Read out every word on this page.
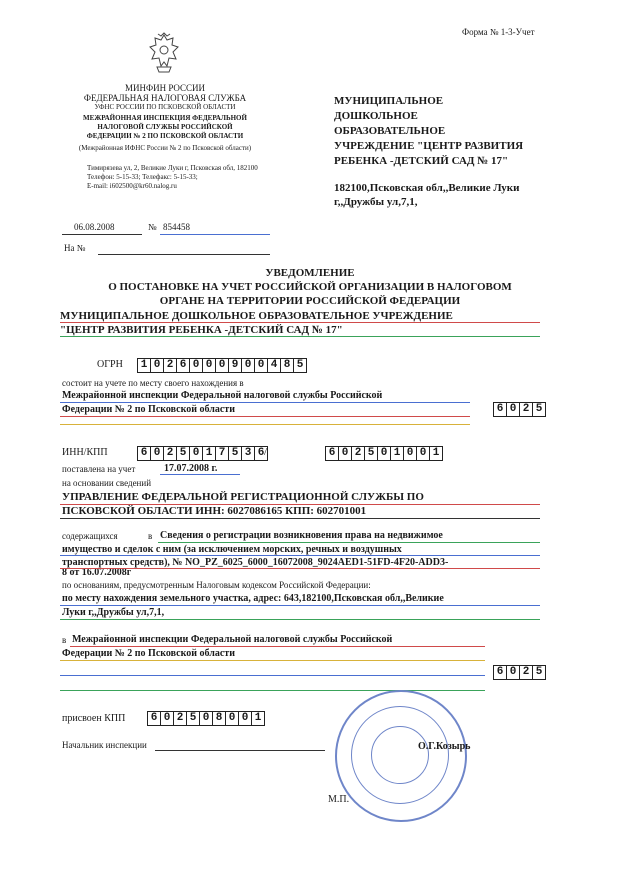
Форма № 1-3-Учет
МИНФИН РОССИИ
ФЕДЕРАЛЬНАЯ НАЛОГОВАЯ СЛУЖБА
УФНС РОССИИ ПО ПСКОВСКОЙ ОБЛАСТИ
МЕЖРАЙОННАЯ ИНСПЕКЦИЯ ФЕДЕРАЛЬНОЙ
НАЛОГОВОЙ СЛУЖБЫ РОССИЙСКОЙ
ФЕДЕРАЦИИ № 2 ПО ПСКОВСКОЙ ОБЛАСТИ
(Межрайонная ИФНС России № 2 по Псковской области)
Тимирязева ул, 2, Великие Луки г, Псковская обл, 182100
Телефон: 5-15-33; Телефакс: 5-15-33;
E-mail: i602500@kr60.nalog.ru
МУНИЦИПАЛЬНОЕ
ДОШКОЛЬНОЕ
ОБРАЗОВАТЕЛЬНОЕ
УЧРЕЖДЕНИЕ "ЦЕНТР РАЗВИТИЯ
РЕБЕНКА -ДЕТСКИЙ САД № 17"
182100,Псковская обл,,Великие Луки
г,,Дружбы ул,7,1,
06.08.2008	№ 854458
На №
УВЕДОМЛЕНИЕ
О ПОСТАНОВКЕ НА УЧЕТ РОССИЙСКОЙ ОРГАНИЗАЦИИ В НАЛОГОВОМ
ОРГАНЕ НА ТЕРРИТОРИИ РОССИЙСКОЙ ФЕДЕРАЦИИ
МУНИЦИПАЛЬНОЕ ДОШКОЛЬНОЕ ОБРАЗОВАТЕЛЬНОЕ УЧРЕЖДЕНИЕ
"ЦЕНТР РАЗВИТИЯ РЕБЕНКА -ДЕТСКИЙ САД № 17"
ОГРН	1 0 2 6 0 0 0 9 0 0 4 8 5
состоит на учете по месту своего нахождения в
Межрайонной инспекции Федеральной налоговой службы Российской
Федерации № 2 по Псковской области	6 0 2 5
ИНН/КПП	6 0 2 5 0 1 7 5 3 6 /	6 0 2 5 0 1 0 0 1
поставлена на учет	17.07.2008 г.
на основании сведений
УПРАВЛЕНИЕ ФЕДЕРАЛЬНОЙ РЕГИСТРАЦИОННОЙ СЛУЖБЫ ПО
ПСКОВСКОЙ ОБЛАСТИ ИНН: 6027086165 КПП: 602701001
содержащихся	в Сведения о регистрации возникновения права на недвижимое
имущество и сделок с ним (за исключением морских, речных и воздушных
транспортных средств), № NO_PZ_6025_6000_16072008_9024AED1-51FD-4F20-ADD3-
8 от 16.07.2008г
по основаниям, предусмотренным Налоговым кодексом Российской Федерации:
по месту нахождения земельного участка, адрес: 643,182100,Псковская обл,,Великие
Луки г,,Дружбы ул,7,1,
в Межрайонной инспекции Федеральной налоговой службы Российской
Федерации № 2 по Псковской области
6 0 2 5
присвоен КПП	6 0 2 5 0 8 0 0 1
Начальник инспекции	О.Г.Козырь
М.П.
